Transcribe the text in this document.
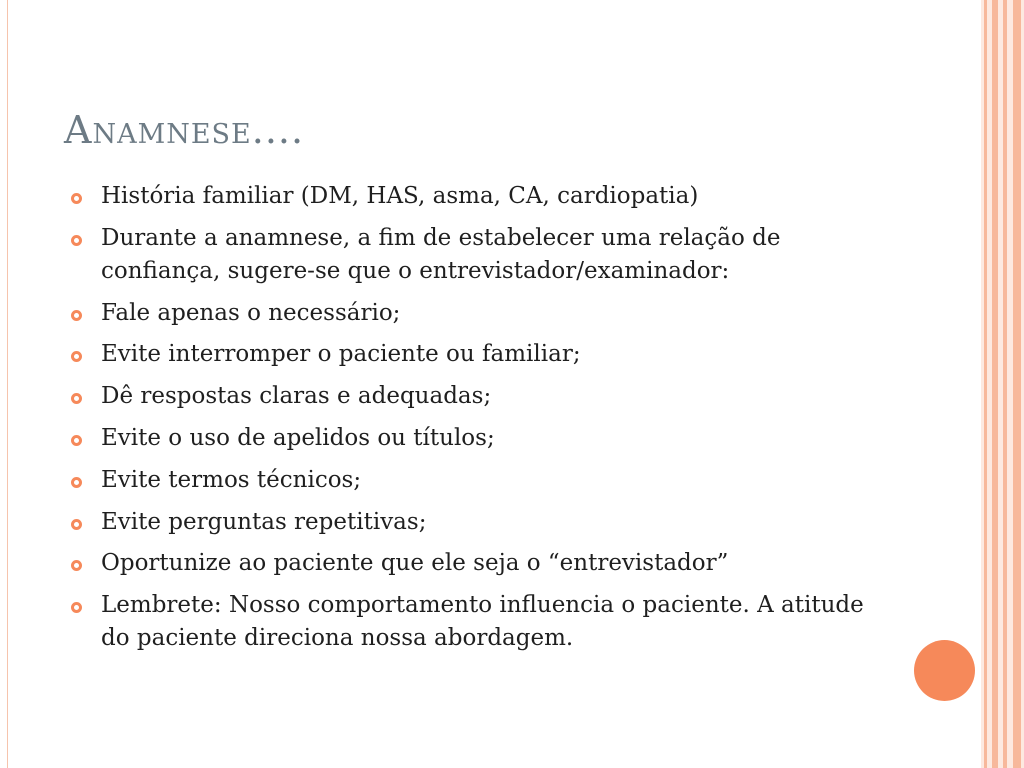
Anamnese....
História familiar (DM, HAS, asma, CA, cardiopatia)
Durante a anamnese, a fim de estabelecer uma relação de confiança, sugere-se que o entrevistador/examinador:
Fale apenas o necessário;
Evite interromper o paciente ou familiar;
Dê respostas claras e adequadas;
Evite o uso de apelidos ou títulos;
Evite termos técnicos;
Evite perguntas repetitivas;
Oportunize ao paciente que ele seja o “entrevistador”
Lembrete: Nosso comportamento influencia o paciente. A atitude do paciente direciona nossa abordagem.
